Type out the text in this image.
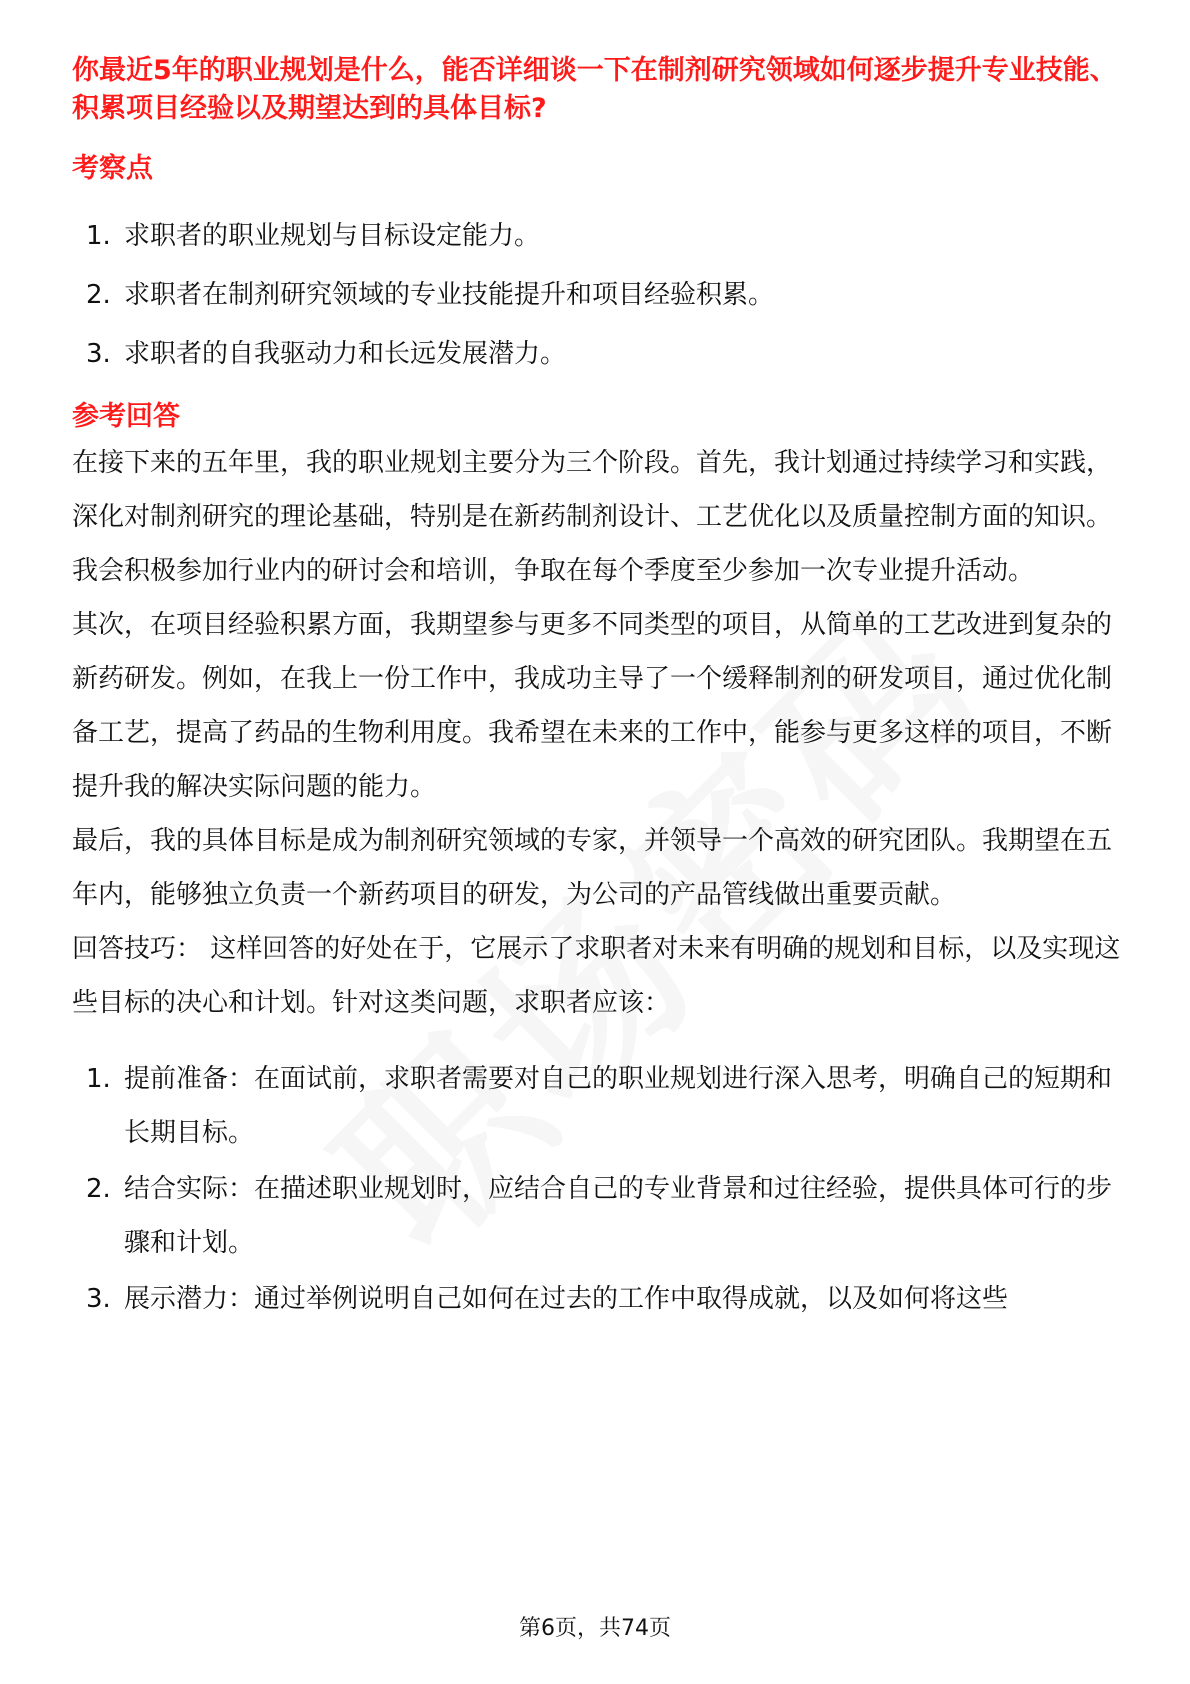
你最近5年的职业规划是什么，能否详细谈一下在制剂研究领域如何逐步提升专业技能、积累项目经验以及期望达到的具体目标?
考察点
1. 求职者的职业规划与目标设定能力。
2. 求职者在制剂研究领域的专业技能提升和项目经验积累。
3. 求职者的自我驱动力和长远发展潜力。
参考回答

在接下来的五年里，我的职业规划主要分为三个阶段。首先，我计划通过持续学习和实践，深化对制剂研究的理论基础，特别是在新药制剂设计、工艺优化以及质量控制方面的知识。我会积极参加行业内的研讨会和培训，争取在每个季度至少参加一次专业提升活动。

其次，在项目经验积累方面，我期望参与更多不同类型的项目，从简单的工艺改进到复杂的新药研发。例如，在我上一份工作中，我成功主导了一个缓释制剂的研发项目，通过优化制备工艺，提高了药品的生物利用度。我希望在未来的工作中，能参与更多这样的项目，不断提升我的解决实际问题的能力。

最后，我的具体目标是成为制剂研究领域的专家，并领导一个高效的研究团队。我期望在五年内，能够独立负责一个新药项目的研发，为公司的产品管线做出重要贡献。

回答技巧： 这样回答的好处在于，它展示了求职者对未来有明确的规划和目标，以及实现这些目标的决心和计划。针对这类问题，求职者应该：

1. 提前准备：在面试前，求职者需要对自己的职业规划进行深入思考，明确自己的短期和长期目标。
2. 结合实际：在描述职业规划时，应结合自己的专业背景和过往经验，提供具体可行的步骤和计划。
3. 展示潜力：通过举例说明自己如何在过去的工作中取得成就，以及如何将这些
第6页，共74页
